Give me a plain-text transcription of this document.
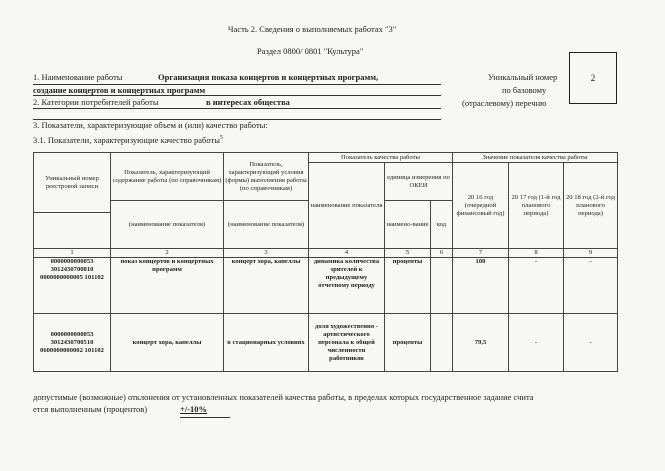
Часть 2. Сведения о выполняемых работах "3"
Раздел 0800/ 0801 "Культура"
1. Наименование работы	Организация показа концертов и концертных программ,
создание концертов и концертных программ
2. Категории потребителей работы	в интересах общества
Уникальный номер
по базовому
(отраслевому) перечню
2
3. Показатели, характеризующие объем и (или) качество работы:
3.1. Показатели, характеризующие качество работы$^5$
Уникальный номер реестровой записи	Показатель, характеризующий содержание работы (по справочникам)	Показатель, характеризующий условия (формы) выполнения работы (по справочникам)	Показатель качества работы			Значение показателя качества работы		
			наименование показателя	единица измерения по ОКЕИ		20 16 год (очередной финансовый год)	20 17 год (1-й год планового периода)	20 18 год (2-й год планового периода)
	(наименование показателя)	(наименование показателя)		наимено-вание	код			

1	2	3	4	5	6	7	8	9
0000000000053 3012430700810 0000000000005 101102	показ концертов и концертных программ	концерт хора, капеллы	динамика количества зрителей к предыдущему отчетному периоду	проценты		100	-	-
0000000000053 3012430700510 0600000000002 101102	концерт хора, капеллы	в стационарных условиях	доля художественно - артистического персонала к общей численности работников	проценты		79,5	-	-
допустимые (возможные) отклонения от установленных показателей качества работы, в пределах которых государственное задание счита
ется выполненным (процентов)	+/-10%
